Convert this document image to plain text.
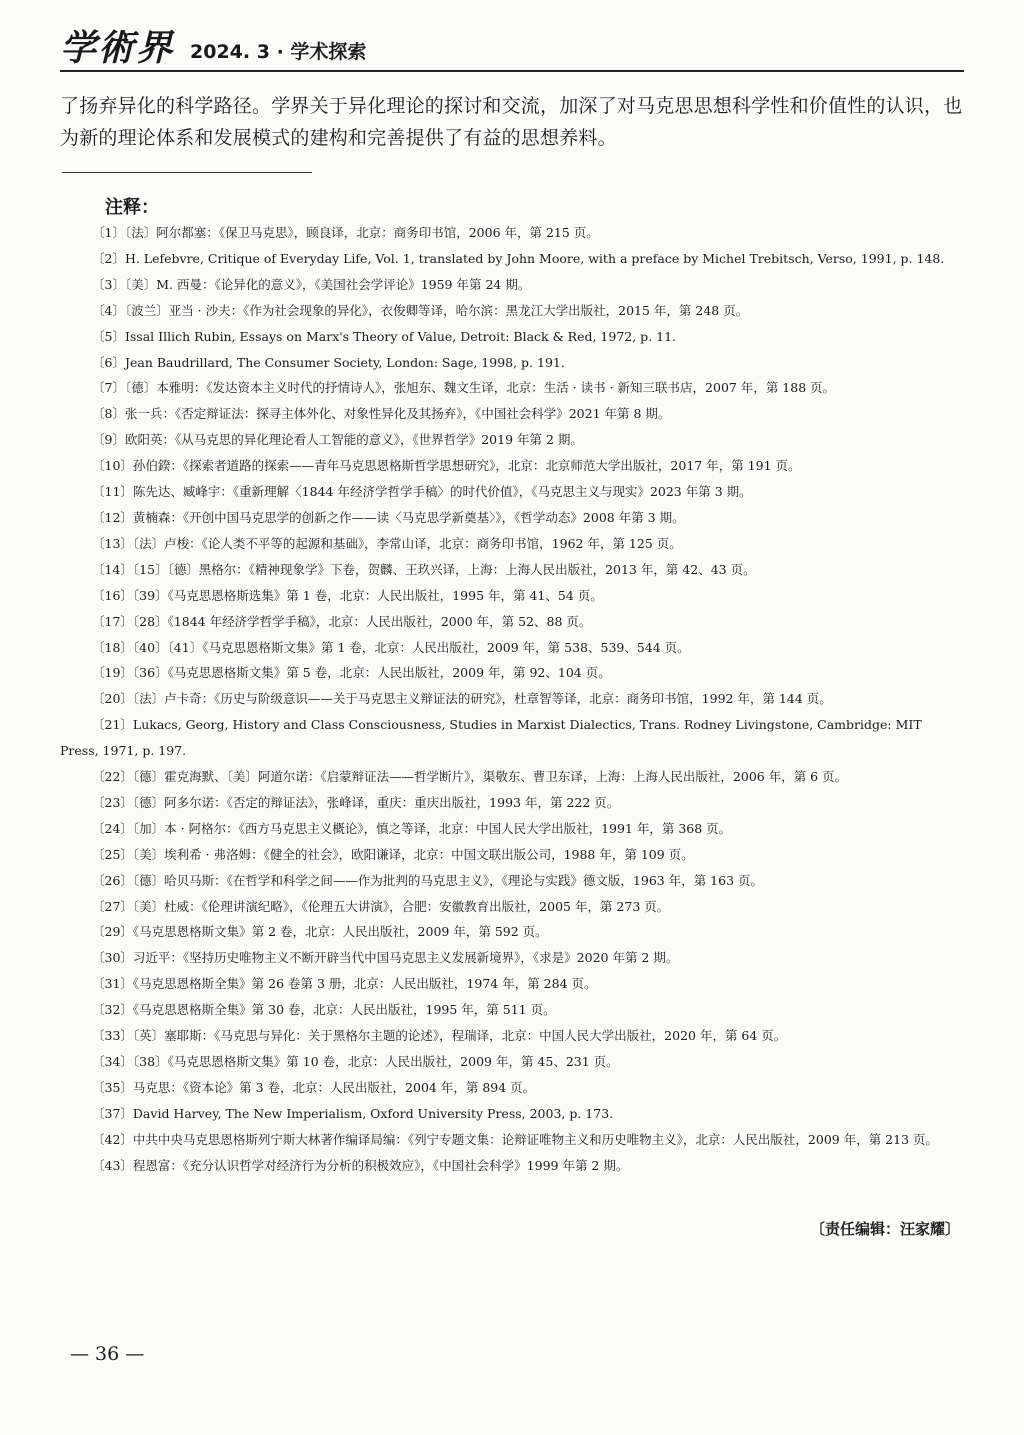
学術界 2024. 3 · 学术探索
了扬弃异化的科学路径。学界关于异化理论的探讨和交流，加深了对马克思思想科学性和价值性的认识，也为新的理论体系和发展模式的建构和完善提供了有益的思想养料。
注释：
〔1〕〔法〕阿尔都塞：《保卫马克思》，顾良译，北京：商务印书馆，2006 年，第 215 页。
〔2〕H. Lefebvre, Critique of Everyday Life, Vol. 1, translated by John Moore, with a preface by Michel Trebitsch, Verso, 1991, p. 148.
〔3〕〔美〕M. 西曼：《论异化的意义》，《美国社会学评论》1959 年第 24 期。
〔4〕〔波兰〕亚当 · 沙夫：《作为社会现象的异化》，衣俊卿等译，哈尔滨：黑龙江大学出版社，2015 年，第 248 页。
〔5〕Issal Illich Rubin, Essays on Marx's Theory of Value, Detroit: Black & Red, 1972, p. 11.
〔6〕Jean Baudrillard, The Consumer Society, London: Sage, 1998, p. 191.
〔7〕〔德〕本雅明：《发达资本主义时代的抒情诗人》，张旭东、魏文生译，北京：生活 · 读书 · 新知三联书店，2007 年，第 188 页。
〔8〕张一兵：《否定辩证法：探寻主体外化、对象性异化及其扬弃》，《中国社会科学》2021 年第 8 期。
〔9〕欧阳英：《从马克思的异化理论看人工智能的意义》，《世界哲学》2019 年第 2 期。
〔10〕孙伯鍨：《探索者道路的探索——青年马克思恩格斯哲学思想研究》，北京：北京师范大学出版社，2017 年，第 191 页。
〔11〕陈先达、臧峰宇：《重新理解〈1844 年经济学哲学手稿〉的时代价值》，《马克思主义与现实》2023 年第 3 期。
〔12〕黄楠森：《开创中国马克思学的创新之作——读〈马克思学新奠基〉》，《哲学动态》2008 年第 3 期。
〔13〕〔法〕卢梭：《论人类不平等的起源和基础》，李常山译，北京：商务印书馆，1962 年，第 125 页。
〔14〕〔15〕〔德〕黑格尔：《精神现象学》下卷，贺麟、王玖兴译，上海：上海人民出版社，2013 年，第 42、43 页。
〔16〕〔39〕《马克思恩格斯选集》第 1 卷，北京：人民出版社，1995 年，第 41、54 页。
〔17〕〔28〕《1844 年经济学哲学手稿》，北京：人民出版社，2000 年，第 52、88 页。
〔18〕〔40〕〔41〕《马克思恩格斯文集》第 1 卷，北京：人民出版社，2009 年，第 538、539、544 页。
〔19〕〔36〕《马克思恩格斯文集》第 5 卷，北京：人民出版社，2009 年，第 92、104 页。
〔20〕〔法〕卢卡奇：《历史与阶级意识——关于马克思主义辩证法的研究》，杜章智等译，北京：商务印书馆，1992 年，第 144 页。
〔21〕Lukacs, Georg, History and Class Consciousness, Studies in Marxist Dialectics, Trans. Rodney Livingstone, Cambridge: MIT Press, 1971, p. 197.
〔22〕〔德〕霍克海默、〔美〕阿道尔诺：《启蒙辩证法——哲学断片》，渠敬东、曹卫东译，上海：上海人民出版社，2006 年，第 6 页。
〔23〕〔德〕阿多尔诺：《否定的辩证法》，张峰译，重庆：重庆出版社，1993 年，第 222 页。
〔24〕〔加〕本 · 阿格尔：《西方马克思主义概论》，慎之等译，北京：中国人民大学出版社，1991 年，第 368 页。
〔25〕〔美〕埃利希 · 弗洛姆：《健全的社会》，欧阳谦译，北京：中国文联出版公司，1988 年，第 109 页。
〔26〕〔德〕哈贝马斯：《在哲学和科学之间——作为批判的马克思主义》，《理论与实践》德文版，1963 年，第 163 页。
〔27〕〔美〕杜威：《伦理讲演纪略》，《伦理五大讲演》，合肥：安徽教育出版社，2005 年，第 273 页。
〔29〕《马克思恩格斯文集》第 2 卷，北京：人民出版社，2009 年，第 592 页。
〔30〕习近平：《坚持历史唯物主义不断开辟当代中国马克思主义发展新境界》，《求是》2020 年第 2 期。
〔31〕《马克思恩格斯全集》第 26 卷第 3 册，北京：人民出版社，1974 年，第 284 页。
〔32〕《马克思恩格斯全集》第 30 卷，北京：人民出版社，1995 年，第 511 页。
〔33〕〔英〕塞耶斯：《马克思与异化：关于黑格尔主题的论述》，程瑞译，北京：中国人民大学出版社，2020 年，第 64 页。
〔34〕〔38〕《马克思恩格斯文集》第 10 卷，北京：人民出版社，2009 年，第 45、231 页。
〔35〕马克思：《资本论》第 3 卷，北京：人民出版社，2004 年，第 894 页。
〔37〕David Harvey, The New Imperialism, Oxford University Press, 2003, p. 173.
〔42〕中共中央马克思恩格斯列宁斯大林著作编译局编：《列宁专题文集：论辩证唯物主义和历史唯物主义》，北京：人民出版社，2009 年，第 213 页。
〔43〕程恩富：《充分认识哲学对经济行为分析的积极效应》，《中国社会科学》1999 年第 2 期。
〔责任编辑：汪家耀〕
— 36 —
